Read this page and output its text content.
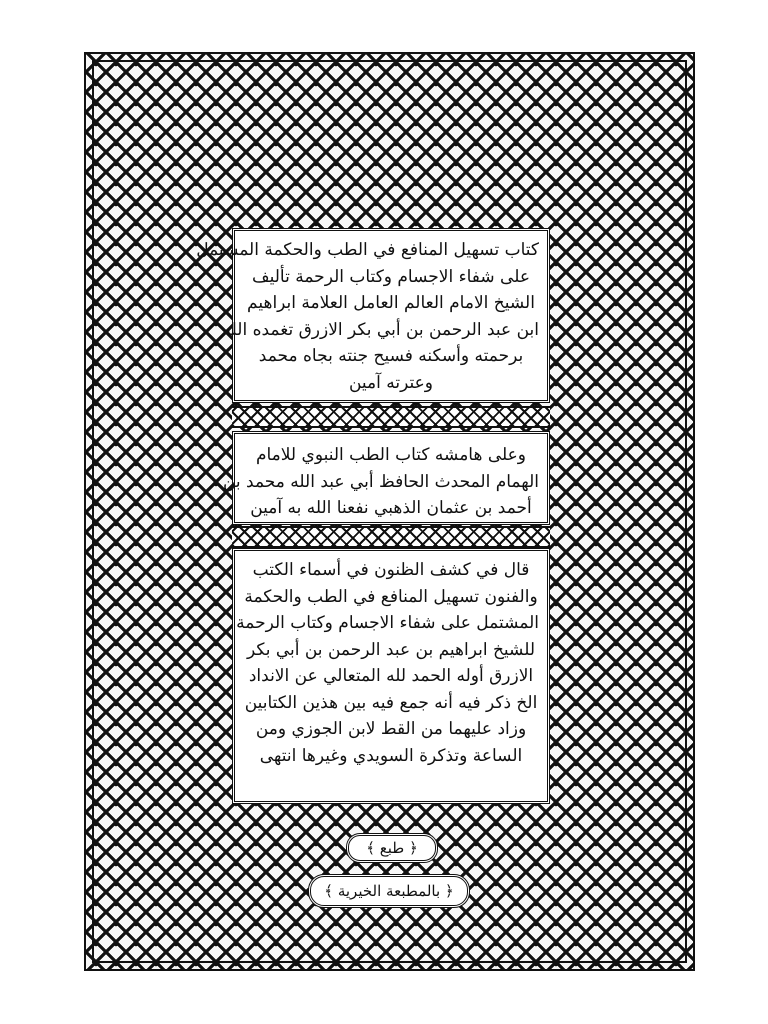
كتاب تسهيل المنافع في الطب والحكمة المشتمل
على شفاء الاجسام وكتاب الرحمة تأليف
الشيخ الامام العالم العامل العلامة ابراهيم
ابن عبد الرحمن بن أبي بكر الازرق تغمده الله
برحمته وأسكنه فسيح جنته بجاه محمد
وعترته آمين
وعلى هامشه كتاب الطب النبوي للامام
الهمام المحدث الحافظ أبي عبد الله محمد بن
أحمد بن عثمان الذهبي نفعنا الله به آمين
قال في كشف الظنون في أسماء الكتب
والفنون تسهيل المنافع في الطب والحكمة
المشتمل على شفاء الاجسام وكتاب الرحمة
للشيخ ابراهيم بن عبد الرحمن بن أبي بكر
الازرق أوله الحمد لله المتعالي عن الانداد
الخ ذكر فيه أنه جمع فيه بين هذين الكتابين
وزاد عليهما من القط لابن الجوزي ومن
الساعة وتذكرة السويدي وغيرها انتهى
﴿ طبع ﴾
﴿ بالمطبعة الخيرية ﴾
